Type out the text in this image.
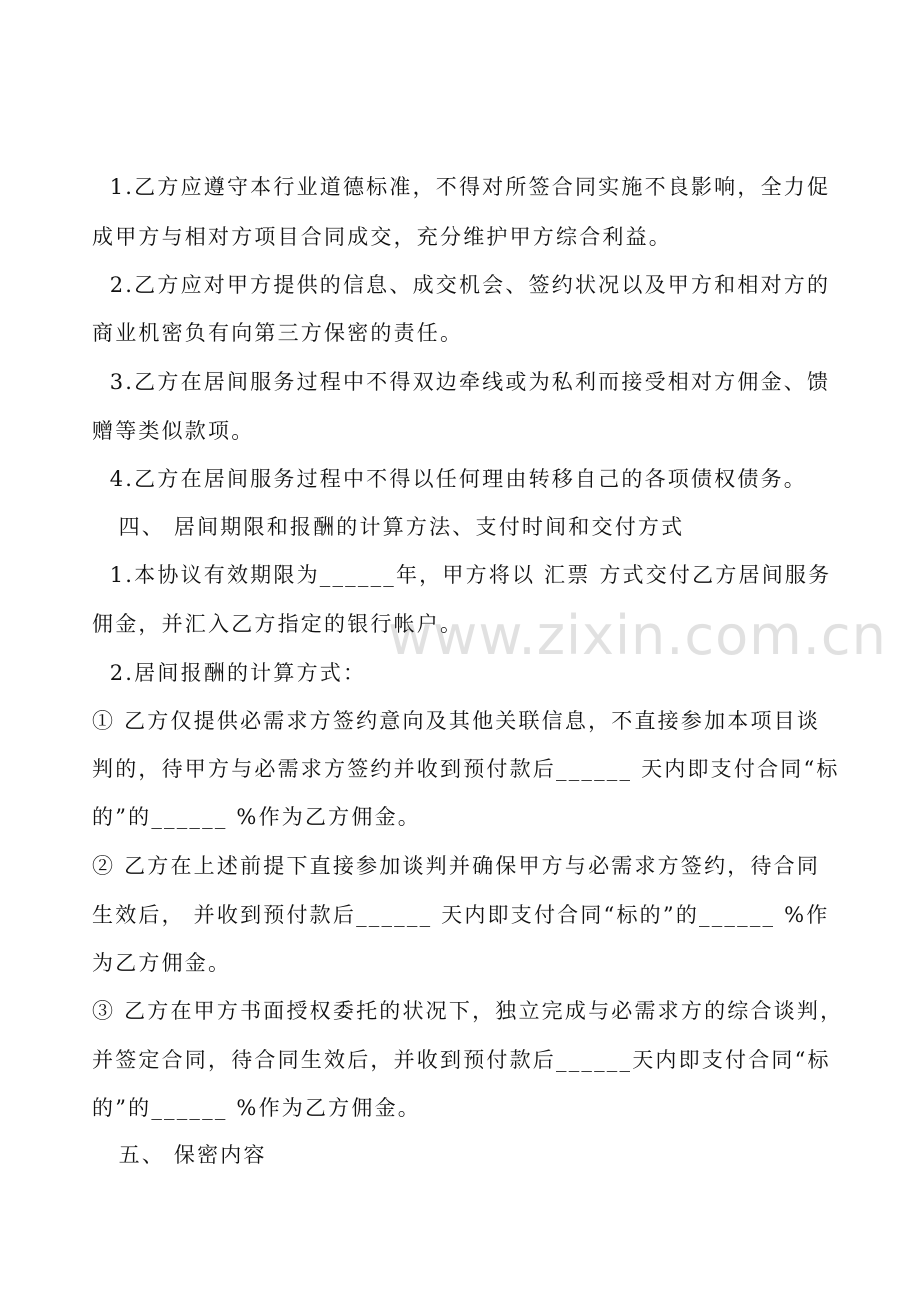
www.zixin.com.cn
1.乙方应遵守本行业道德标准，不得对所签合同实施不良影响，全力促
成甲方与相对方项目合同成交，充分维护甲方综合利益。
2.乙方应对甲方提供的信息、成交机会、签约状况以及甲方和相对方的
商业机密负有向第三方保密的责任。
3.乙方在居间服务过程中不得双边牵线或为私利而接受相对方佣金、馈
赠等类似款项。
4.乙方在居间服务过程中不得以任何理由转移自己的各项债权债务。
四、 居间期限和报酬的计算方法、支付时间和交付方式
1.本协议有效期限为______年，甲方将以 汇票 方式交付乙方居间服务
佣金，并汇入乙方指定的银行帐户。
2.居间报酬的计算方式：
① 乙方仅提供必需求方签约意向及其他关联信息，不直接参加本项目谈
判的，待甲方与必需求方签约并收到预付款后______ 天内即支付合同“标
的”的______ %作为乙方佣金。
② 乙方在上述前提下直接参加谈判并确保甲方与必需求方签约，待合同
生效后， 并收到预付款后______ 天内即支付合同“标的”的______ %作
为乙方佣金。
③ 乙方在甲方书面授权委托的状况下，独立完成与必需求方的综合谈判，
并签定合同，待合同生效后，并收到预付款后______天内即支付合同“标
的”的______ %作为乙方佣金。
五、 保密内容
